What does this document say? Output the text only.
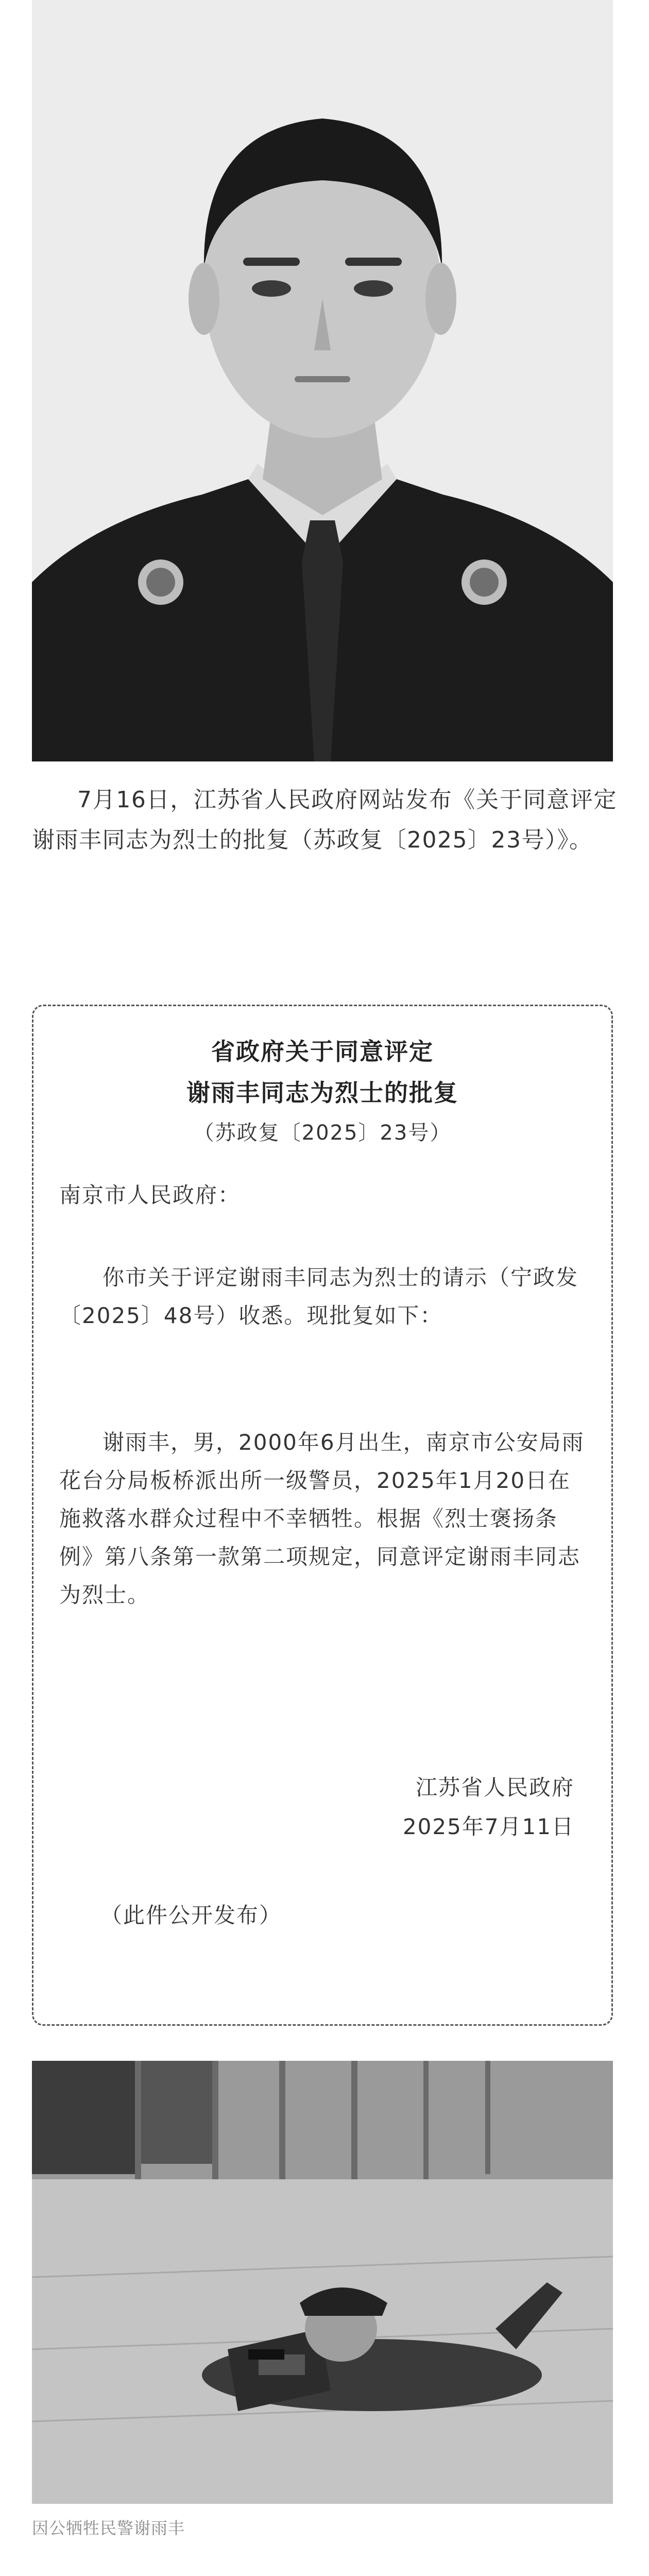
7月16日，江苏省人民政府网站发布《关于同意评定谢雨丰同志为烈士的批复（苏政复〔2025〕23号）》。

省政府关于同意评定
谢雨丰同志为烈士的批复
（苏政复〔2025〕23号）
南京市人民政府：
你市关于评定谢雨丰同志为烈士的请示（宁政发〔2025〕48号）收悉。现批复如下：
谢雨丰，男，2000年6月出生，南京市公安局雨花台分局板桥派出所一级警员，2025年1月20日在施救落水群众过程中不幸牺牲。根据《烈士褒扬条例》第八条第一款第二项规定，同意评定谢雨丰同志为烈士。
江苏省人民政府
2025年7月11日
（此件公开发布）
因公牺牲民警谢雨丰
